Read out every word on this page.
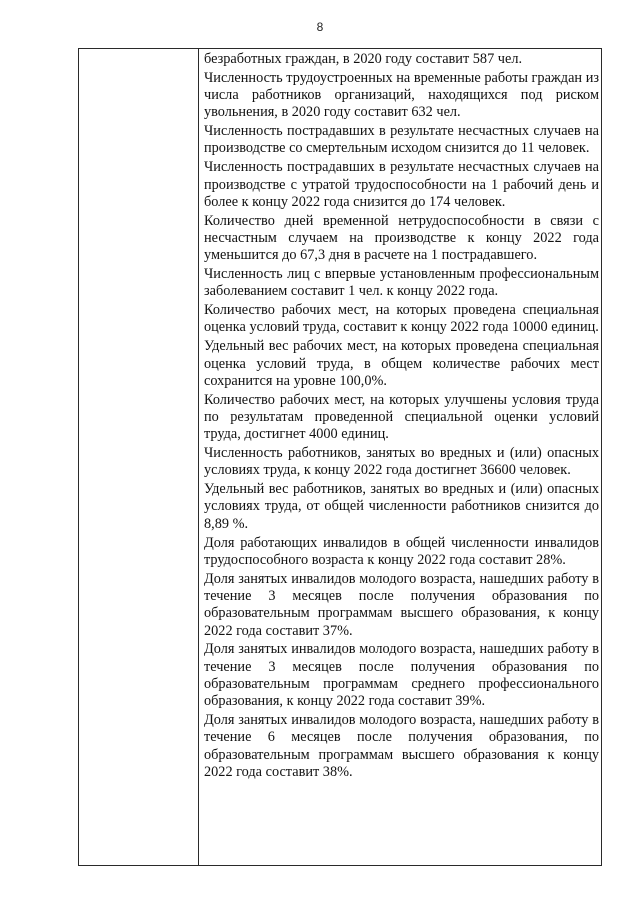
8

безработных граждан, в 2020 году составит 587 чел.

Численность трудоустроенных на временные работы граждан из числа работников организаций, находящихся под риском увольнения, в 2020 году составит 632 чел.

Численность пострадавших в результате несчастных случаев на производстве со смертельным исходом снизится до 11 человек.

Численность пострадавших в результате несчастных случаев на производстве с утратой трудоспособности на 1 рабочий день и более к концу 2022 года снизится до 174 человек.

Количество дней временной нетрудоспособности в связи с несчастным случаем на производстве к концу 2022 года уменьшится до 67,3 дня в расчете на 1 пострадавшего.

Численность лиц с впервые установленным профессиональным заболеванием составит 1 чел. к концу 2022 года.

Количество рабочих мест, на которых проведена специальная оценка условий труда, составит к концу 2022 года 10000 единиц.

Удельный вес рабочих мест, на которых проведена специальная оценка условий труда, в общем количестве рабочих мест сохранится на уровне 100,0%.

Количество рабочих мест, на которых улучшены условия труда по результатам проведенной специальной оценки условий труда, достигнет 4000 единиц.

Численность работников, занятых во вредных и (или) опасных условиях труда, к концу 2022 года достигнет 36600 человек.

Удельный вес работников, занятых во вредных и (или) опасных условиях труда, от общей численности работников снизится до 8,89 %.

Доля работающих инвалидов в общей численности инвалидов трудоспособного возраста к концу 2022 года составит 28%.

Доля занятых инвалидов молодого возраста, нашедших работу в течение 3 месяцев после получения образования по образовательным программам высшего образования, к концу 2022 года составит 37%.

Доля занятых инвалидов молодого возраста, нашедших работу в течение 3 месяцев после получения образования по образовательным программам среднего профессионального образования, к концу 2022 года составит 39%.

Доля занятых инвалидов молодого возраста, нашедших работу в течение 6 месяцев после получения образования, по образовательным программам высшего образования к концу 2022 года составит 38%.
